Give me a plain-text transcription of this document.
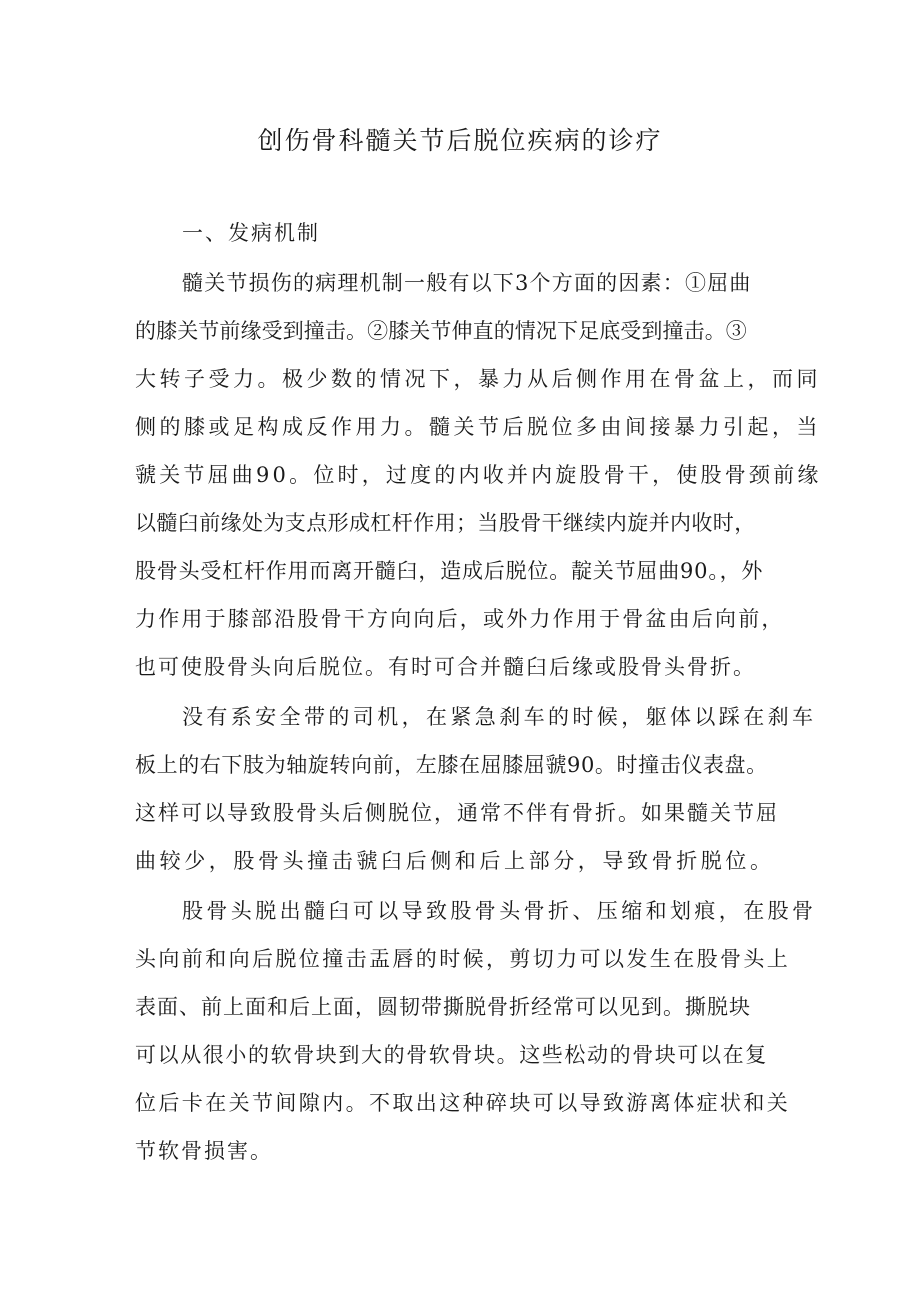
创伤骨科髓关节后脱位疾病的诊疗
一、发病机制
髓关节损伤的病理机制一般有以下3个方面的因素：①屈曲
的膝关节前缘受到撞击。②膝关节伸直的情况下足底受到撞击。③
大转子受力。极少数的情况下，暴力从后侧作用在骨盆上，而同
侧的膝或足构成反作用力。髓关节后脱位多由间接暴力引起，当
虢关节屈曲90。位时，过度的内收并内旋股骨干，使股骨颈前缘
以髓臼前缘处为支点形成杠杆作用；当股骨干继续内旋并内收时，
股骨头受杠杆作用而离开髓臼，造成后脱位。靛关节屈曲90。，外
力作用于膝部沿股骨干方向向后，或外力作用于骨盆由后向前，
也可使股骨头向后脱位。有时可合并髓臼后缘或股骨头骨折。
没有系安全带的司机，在紧急刹车的时候，躯体以踩在刹车
板上的右下肢为轴旋转向前，左膝在屈膝屈虢90。时撞击仪表盘。
这样可以导致股骨头后侧脱位，通常不伴有骨折。如果髓关节屈
曲较少，股骨头撞击虢臼后侧和后上部分，导致骨折脱位。
股骨头脱出髓臼可以导致股骨头骨折、压缩和划痕，在股骨
头向前和向后脱位撞击盂唇的时候，剪切力可以发生在股骨头上
表面、前上面和后上面，圆韧带撕脱骨折经常可以见到。撕脱块
可以从很小的软骨块到大的骨软骨块。这些松动的骨块可以在复
位后卡在关节间隙内。不取出这种碎块可以导致游离体症状和关
节软骨损害。
